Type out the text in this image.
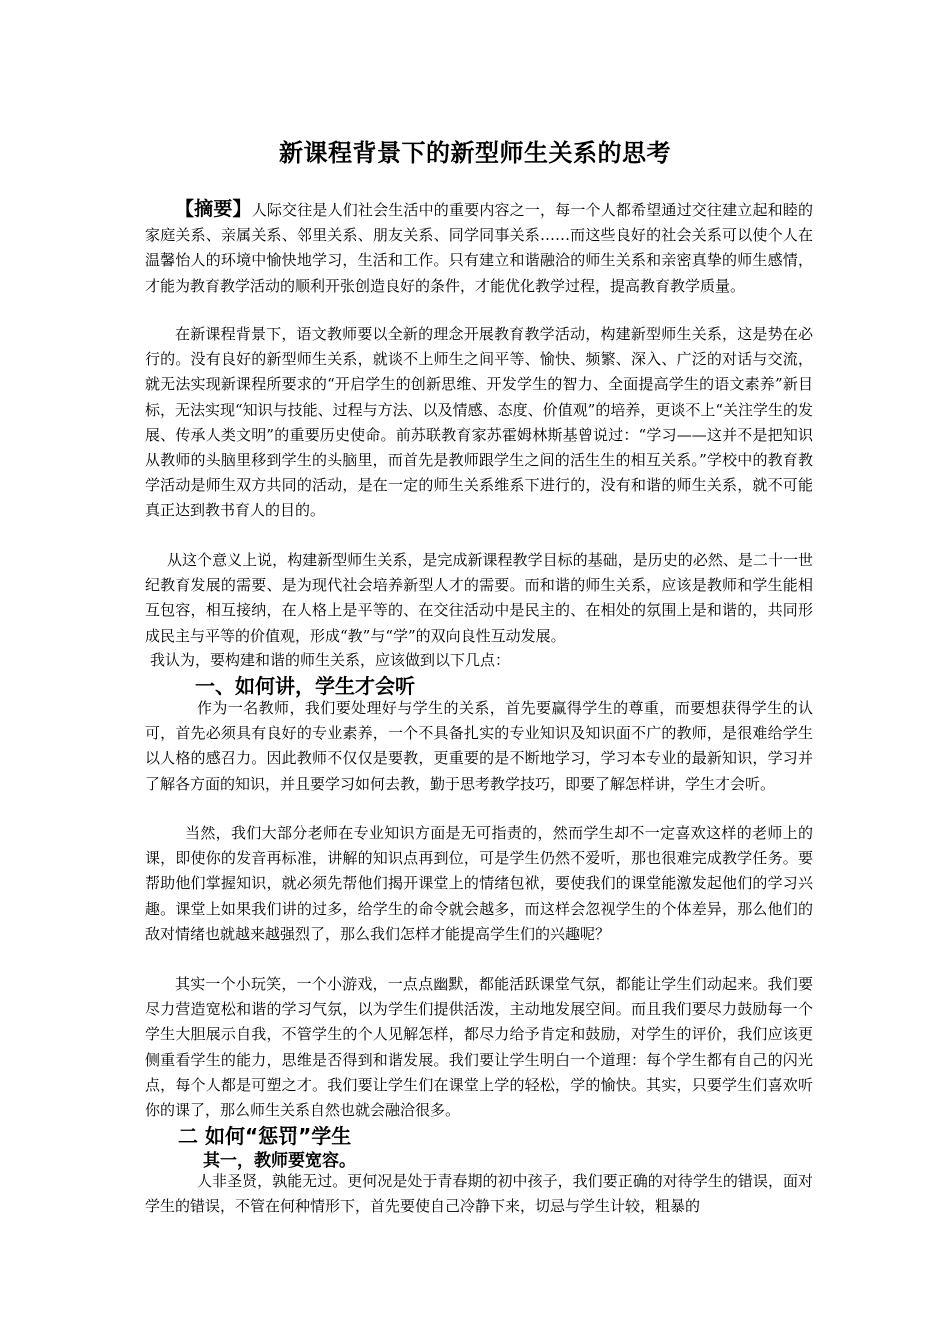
新课程背景下的新型师生关系的思考

【摘要】人际交往是人们社会生活中的重要内容之一，每一个人都希望通过交往建立起和睦的家庭关系、亲属关系、邻里关系、朋友关系、同学同事关系……而这些良好的社会关系可以使个人在温馨怡人的环境中愉快地学习，生活和工作。只有建立和谐融洽的师生关系和亲密真挚的师生感情，才能为教育教学活动的顺利开张创造良好的条件，才能优化教学过程，提高教育教学质量。

在新课程背景下，语文教师要以全新的理念开展教育教学活动，构建新型师生关系，这是势在必行的。没有良好的新型师生关系，就谈不上师生之间平等、愉快、频繁、深入、广泛的对话与交流，就无法实现新课程所要求的“开启学生的创新思维、开发学生的智力、全面提高学生的语文素养”新目标，无法实现“知识与技能、过程与方法、以及情感、态度、价值观”的培养，更谈不上“关注学生的发展、传承人类文明”的重要历史使命。前苏联教育家苏霍姆林斯基曾说过：“学习——这并不是把知识从教师的头脑里移到学生的头脑里，而首先是教师跟学生之间的活生生的相互关系。”学校中的教育教学活动是师生双方共同的活动，是在一定的师生关系维系下进行的，没有和谐的师生关系，就不可能真正达到教书育人的目的。

从这个意义上说，构建新型师生关系，是完成新课程教学目标的基础，是历史的必然、是二十一世纪教育发展的需要、是为现代社会培养新型人才的需要。而和谐的师生关系，应该是教师和学生能相互包容，相互接纳，在人格上是平等的、在交往活动中是民主的、在相处的氛围上是和谐的，共同形成民主与平等的价值观，形成“教”与“学”的双向良性互动发展。

我认为，要构建和谐的师生关系，应该做到以下几点：

一、如何讲，学生才会听

作为一名教师，我们要处理好与学生的关系，首先要赢得学生的尊重，而要想获得学生的认可，首先必须具有良好的专业素养，一个不具备扎实的专业知识及知识面不广的教师，是很难给学生以人格的感召力。因此教师不仅仅是要教，更重要的是不断地学习，学习本专业的最新知识，学习并了解各方面的知识，并且要学习如何去教，勤于思考教学技巧，即要了解怎样讲，学生才会听。

当然，我们大部分老师在专业知识方面是无可指责的，然而学生却不一定喜欢这样的老师上的课，即使你的发音再标准，讲解的知识点再到位，可是学生仍然不爱听，那也很难完成教学任务。要帮助他们掌握知识，就必须先帮他们揭开课堂上的情绪包袱，要使我们的课堂能激发起他们的学习兴趣。课堂上如果我们讲的过多，给学生的命令就会越多，而这样会忽视学生的个体差异，那么他们的敌对情绪也就越来越强烈了，那么我们怎样才能提高学生们的兴趣呢？

其实一个小玩笑，一个小游戏，一点点幽默，都能活跃课堂气氛，都能让学生们动起来。我们要尽力营造宽松和谐的学习气氛，以为学生们提供活泼，主动地发展空间。而且我们要尽力鼓励每一个学生大胆展示自我，不管学生的个人见解怎样，都尽力给予肯定和鼓励，对学生的评价，我们应该更侧重看学生的能力，思维是否得到和谐发展。我们要让学生明白一个道理：每个学生都有自己的闪光点，每个人都是可塑之才。我们要让学生们在课堂上学的轻松，学的愉快。其实，只要学生们喜欢听你的课了，那么师生关系自然也就会融洽很多。

二 如何“惩罚”学生
其一，教师要宽容。

人非圣贤，孰能无过。更何况是处于青春期的初中孩子，我们要正确的对待学生的错误，面对学生的错误，不管在何种情形下，首先要使自己冷静下来，切忌与学生计较，粗暴的
